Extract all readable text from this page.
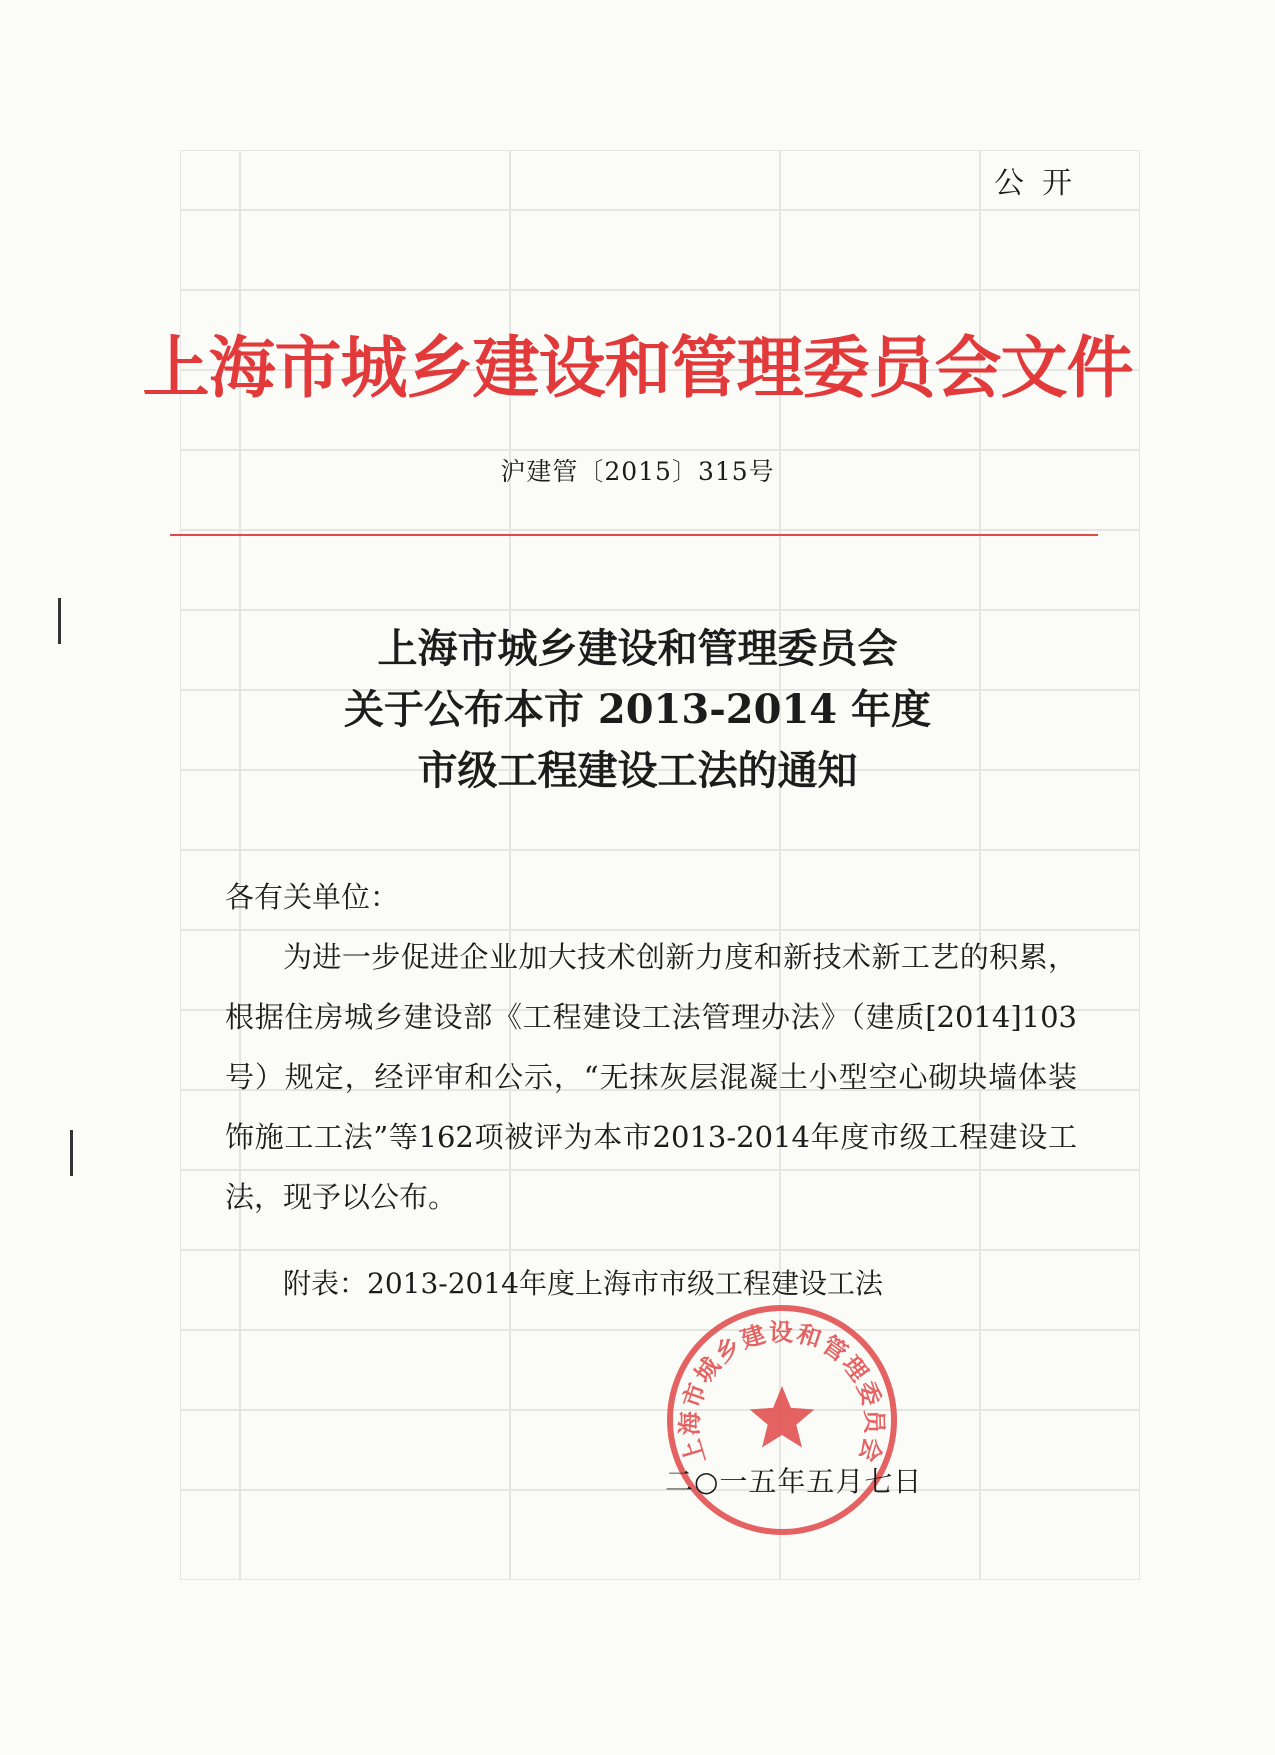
公开
上海市城乡建设和管理委员会文件
沪建管〔2015〕315号
上海市城乡建设和管理委员会
关于公布本市 2013-2014 年度
市级工程建设工法的通知

各有关单位：

为进一步促进企业加大技术创新力度和新技术新工艺的积累，根据住房城乡建设部《工程建设工法管理办法》（建质[2014]103号）规定，经评审和公示，“无抹灰层混凝土小型空心砌块墙体装饰施工工法”等162项被评为本市2013-2014年度市级工程建设工法，现予以公布。

附表：2013-2014年度上海市市级工程建设工法
上海市城乡建设和管理委员会
二○一五年五月七日
